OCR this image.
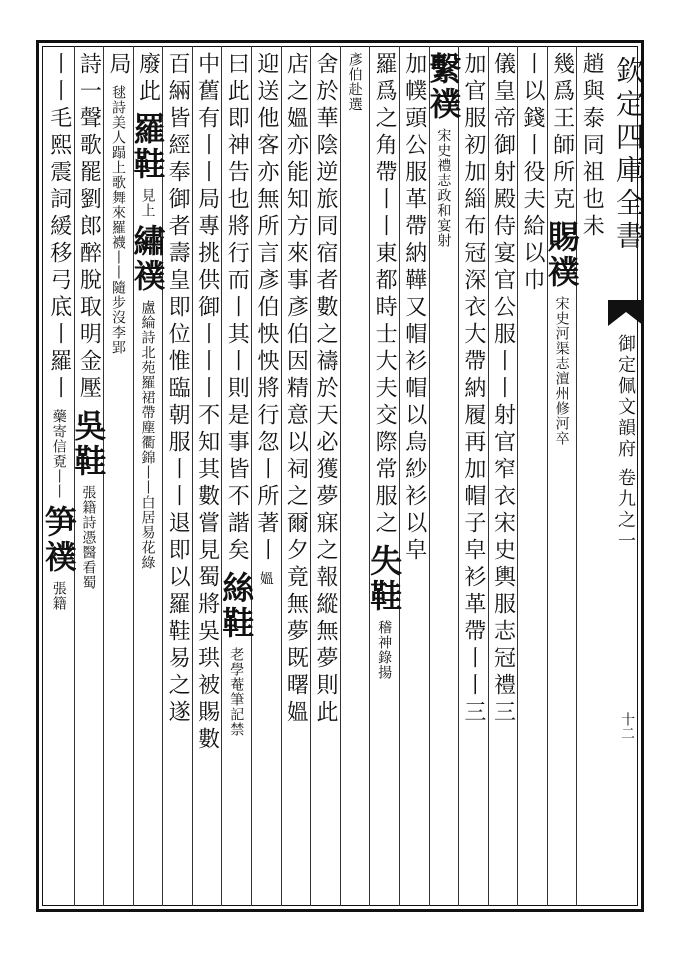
欽定四庫全書
御定佩文韻府
卷九之一
十二
趙與泰同祖也未
幾爲王師所克
賜襆
宋史河渠志澶州修河卒
丨以錢丨役夫給以巾
儀皇帝御射殿侍宴官公服丨丨射官窄衣宋史輿服志冠禮三
加官服初加緇布冠深衣大帶納履再加帽子皁衫革帶丨丨三
繫襆
宋史禮志政和宴射
加幞頭公服革帶納鞾又帽衫帽以烏紗衫以皁
羅爲之角帶丨丨東都時士大夫交際常服之
失鞋
稽神錄揚
彥伯赴選
舍於華陰逆旅同宿者數之禱於天必獲夢寐之報縱無夢則此
店之媼亦能知方來事彥伯因精意以祠之爾夕竟無夢既曙媼
迎送他客亦無所言彥伯怏怏將行忽丨所著丨
媼
曰此即神告也將行而丨其丨則是事皆不諧矣
絲鞋
老學菴筆記禁
中舊有丨丨局專挑供御丨丨丨不知其數嘗見蜀將吳珙被賜數
百緉皆經奉御者壽皇即位惟臨朝服丨丨退即以羅鞋易之遂
廢此
羅鞋
見上
繡襆
盧綸詩北苑羅裙帶塵衢錦丨丨白居易花綠
局
毬詩美人蹋上歌舞來羅襪丨丨隨步沒李郢
詩一聲歌罷劉郎醉脫取明金壓
吳鞋
張籍詩憑醫看蜀
丨丨毛熙震詞緩移弓底丨羅丨
藥寄信覔丨丨
笋襆
張籍
